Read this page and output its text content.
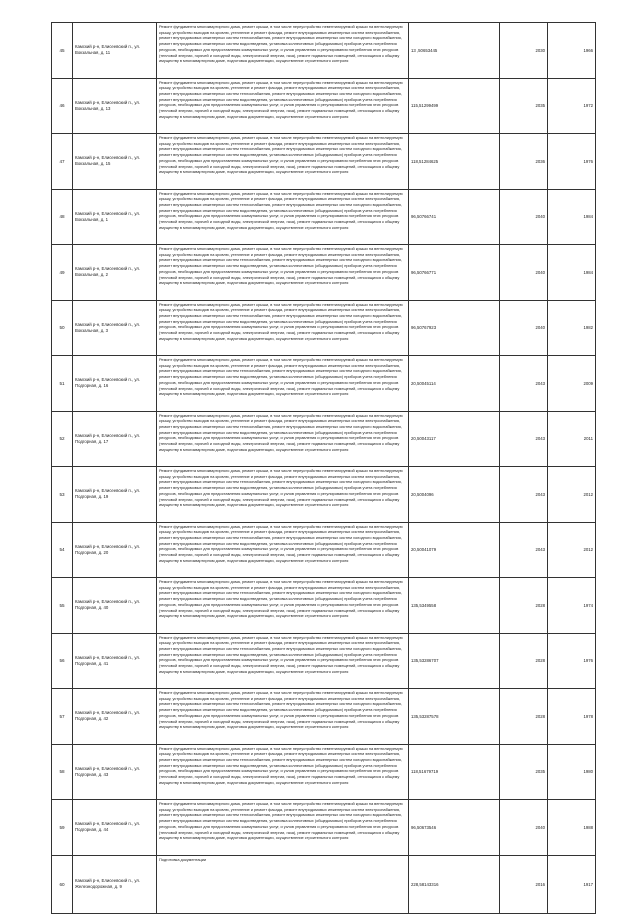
45	Камский р-н, Елисеевский п., ул. Вокзальная, д. 11	Ремонт фундамента многоквартирного дома, ремонт крыши, в том числе переустройство невентилируемой крыши на вентилируемую крышу, устройство выходов на кровлю, утепление и ремонт фасада, ремонт внутридомовых инженерных систем электроснабжения, ремонт внутридомовых инженерных систем теплоснабжения, ремонт внутридомовых инженерных систем холодного водоснабжения, ремонт внутридомовых инженерных систем водоотведения, установка коллективных (общедомовых) приборов учета потребления ресурсов, необходимых для предоставления коммунальных услуг, и узлов управления и регулирования потребления этих ресурсов (тепловой энергии, горячей и холодной воды, электрической энергии, газа), ремонт подвальных помещений, относящихся к общему имуществу в многоквартирном доме, подготовка документации, осуществление строительного контроля	13 ,50653445	2030	1966
46	Камский р-н, Елисеевский п., ул. Вокзальная, д. 13	Ремонт фундамента многоквартирного дома, ремонт крыши, в том числе переустройство невентилируемой крыши на вентилируемую крышу, устройство выходов на кровлю, утепление и ремонт фасада, ремонт внутридомовых инженерных систем электроснабжения, ремонт внутридомовых инженерных систем теплоснабжения, ремонт внутридомовых инженерных систем холодного водоснабжения, ремонт внутридомовых инженерных систем водоотведения, установка коллективных (общедомовых) приборов учета потребления ресурсов, необходимых для предоставления коммунальных услуг, и узлов управления и регулирования потребления этих ресурсов (тепловой энергии, горячей и холодной воды, электрической энергии, газа), ремонт подвальных помещений, относящихся к общему имуществу в многоквартирном доме, подготовка документации, осуществление строительного контроля	115,51299499	2035	1972
47	Камский р-н, Елисеевский п., ул. Вокзальная, д. 15	Ремонт фундамента многоквартирного дома, ремонт крыши, в том числе переустройство невентилируемой крыши на вентилируемую крышу, устройство выходов на кровлю, утепление и ремонт фасада, ремонт внутридомовых инженерных систем электроснабжения, ремонт внутридомовых инженерных систем теплоснабжения, ремонт внутридомовых инженерных систем холодного водоснабжения, ремонт внутридомовых инженерных систем водоотведения, установка коллективных (общедомовых) приборов учета потребления ресурсов, необходимых для предоставления коммунальных услуг, и узлов управления и регулирования потребления этих ресурсов (тепловой энергии, горячей и холодной воды, электрической энергии, газа), ремонт подвальных помещений, относящихся к общему имуществу в многоквартирном доме, подготовка документации, осуществление строительного контроля	118,51284625	2036	1976
48	Камский р-н, Елисеевский п., ул. Вокзальная, д. 1	Ремонт фундамента многоквартирного дома, ремонт крыши, в том числе переустройство невентилируемой крыши на вентилируемую крышу, устройство выходов на кровлю, утепление и ремонт фасада, ремонт внутридомовых инженерных систем электроснабжения, ремонт внутридомовых инженерных систем теплоснабжения, ремонт внутридомовых инженерных систем холодного водоснабжения, ремонт внутридомовых инженерных систем водоотведения, установка коллективных (общедомовых) приборов учета потребления ресурсов, необходимых для предоставления коммунальных услуг, и узлов управления и регулирования потребления этих ресурсов (тепловой энергии, горячей и холодной воды, электрической энергии, газа), ремонт подвальных помещений, относящихся к общему имуществу в многоквартирном доме, подготовка документации, осуществление строительного контроля	96,50766741	2040	1984
49	Камский р-н, Елисеевский п., ул. Вокзальная, д. 2	Ремонт фундамента многоквартирного дома, ремонт крыши, в том числе переустройство невентилируемой крыши на вентилируемую крышу, устройство выходов на кровлю, утепление и ремонт фасада, ремонт внутридомовых инженерных систем электроснабжения, ремонт внутридомовых инженерных систем теплоснабжения, ремонт внутридомовых инженерных систем холодного водоснабжения, ремонт внутридомовых инженерных систем водоотведения, установка коллективных (общедомовых) приборов учета потребления ресурсов, необходимых для предоставления коммунальных услуг, и узлов управления и регулирования потребления этих ресурсов (тепловой энергии, горячей и холодной воды, электрической энергии, газа), ремонт подвальных помещений, относящихся к общему имуществу в многоквартирном доме, подготовка документации, осуществление строительного контроля	96,50766771	2040	1984
50	Камский р-н, Елисеевский п., ул. Вокзальная, д. 3	Ремонт фундамента многоквартирного дома, ремонт крыши, в том числе переустройство невентилируемой крыши на вентилируемую крышу, устройство выходов на кровлю, утепление и ремонт фасада, ремонт внутридомовых инженерных систем электроснабжения, ремонт внутридомовых инженерных систем теплоснабжения, ремонт внутридомовых инженерных систем холодного водоснабжения, ремонт внутридомовых инженерных систем водоотведения, установка коллективных (общедомовых) приборов учета потребления ресурсов, необходимых для предоставления коммунальных услуг, и узлов управления и регулирования потребления этих ресурсов (тепловой энергии, горячей и холодной воды, электрической энергии, газа), ремонт подвальных помещений, относящихся к общему имуществу в многоквартирном доме, подготовка документации, осуществление строительного контроля	96,50767923	2040	1982
51	Камский р-н, Елисеевский п., ул. Подгорная, д. 16	Ремонт фундамента многоквартирного дома, ремонт крыши, в том числе переустройство невентилируемой крыши на вентилируемую крышу, устройство выходов на кровлю, утепление и ремонт фасада, ремонт внутридомовых инженерных систем электроснабжения, ремонт внутридомовых инженерных систем теплоснабжения, ремонт внутридомовых инженерных систем холодного водоснабжения, ремонт внутридомовых инженерных систем водоотведения, установка коллективных (общедомовых) приборов учета потребления ресурсов, необходимых для предоставления коммунальных услуг, и узлов управления и регулирования потребления этих ресурсов (тепловой энергии, горячей и холодной воды, электрической энергии, газа), ремонт подвальных помещений, относящихся к общему имуществу в многоквартирном доме, подготовка документации, осуществление строительного контроля	20,50045114	2043	2009
52	Камский р-н, Елисеевский п., ул. Подгорная, д. 17	Ремонт фундамента многоквартирного дома, ремонт крыши, в том числе переустройство невентилируемой крыши на вентилируемую крышу, устройство выходов на кровлю, утепление и ремонт фасада, ремонт внутридомовых инженерных систем электроснабжения, ремонт внутридомовых инженерных систем теплоснабжения, ремонт внутридомовых инженерных систем холодного водоснабжения, ремонт внутридомовых инженерных систем водоотведения, установка коллективных (общедомовых) приборов учета потребления ресурсов, необходимых для предоставления коммунальных услуг, и узлов управления и регулирования потребления этих ресурсов (тепловой энергии, горячей и холодной воды, электрической энергии, газа), ремонт подвальных помещений, относящихся к общему имуществу в многоквартирном доме, подготовка документации, осуществление строительного контроля	20,50043117	2043	2011
53	Камский р-н, Елисеевский п., ул. Подгорная, д. 19	Ремонт фундамента многоквартирного дома, ремонт крыши, в том числе переустройство невентилируемой крыши на вентилируемую крышу, устройство выходов на кровлю, утепление и ремонт фасада, ремонт внутридомовых инженерных систем электроснабжения, ремонт внутридомовых инженерных систем теплоснабжения, ремонт внутридомовых инженерных систем холодного водоснабжения, ремонт внутридомовых инженерных систем водоотведения, установка коллективных (общедомовых) приборов учета потребления ресурсов, необходимых для предоставления коммунальных услуг, и узлов управления и регулирования потребления этих ресурсов (тепловой энергии, горячей и холодной воды, электрической энергии, газа), ремонт подвальных помещений, относящихся к общему имуществу в многоквартирном доме, подготовка документации, осуществление строительного контроля	20,5004096	2043	2012
54	Камский р-н, Елисеевский п., ул. Подгорная, д. 20	Ремонт фундамента многоквартирного дома, ремонт крыши, в том числе переустройство невентилируемой крыши на вентилируемую крышу, устройство выходов на кровлю, утепление и ремонт фасада, ремонт внутридомовых инженерных систем электроснабжения, ремонт внутридомовых инженерных систем теплоснабжения, ремонт внутридомовых инженерных систем холодного водоснабжения, ремонт внутридомовых инженерных систем водоотведения, установка коллективных (общедомовых) приборов учета потребления ресурсов, необходимых для предоставления коммунальных услуг, и узлов управления и регулирования потребления этих ресурсов (тепловой энергии, горячей и холодной воды, электрической энергии, газа), ремонт подвальных помещений, относящихся к общему имуществу в многоквартирном доме, подготовка документации, осуществление строительного контроля	20,50041079	2043	2012
55	Камский р-н, Елисеевский п., ул. Подгорная, д. 40	Ремонт фундамента многоквартирного дома, ремонт крыши, в том числе переустройство невентилируемой крыши на вентилируемую крышу, устройство выходов на кровлю, утепление и ремонт фасада, ремонт внутридомовых инженерных систем электроснабжения, ремонт внутридомовых инженерных систем теплоснабжения, ремонт внутридомовых инженерных систем холодного водоснабжения, ремонт внутридомовых инженерных систем водоотведения, установка коллективных (общедомовых) приборов учета потребления ресурсов, необходимых для предоставления коммунальных услуг, и узлов управления и регулирования потребления этих ресурсов (тепловой энергии, горячей и холодной воды, электрической энергии, газа), ремонт подвальных помещений, относящихся к общему имуществу в многоквартирном доме, подготовка документации, осуществление строительного контроля	135,5349558	2028	1974
56	Камский р-н, Елисеевский п., ул. Подгорная, д. 41	Ремонт фундамента многоквартирного дома, ремонт крыши, в том числе переустройство невентилируемой крыши на вентилируемую крышу, устройство выходов на кровлю, утепление и ремонт фасада, ремонт внутридомовых инженерных систем электроснабжения, ремонт внутридомовых инженерных систем теплоснабжения, ремонт внутридомовых инженерных систем холодного водоснабжения, ремонт внутридомовых инженерных систем водоотведения, установка коллективных (общедомовых) приборов учета потребления ресурсов, необходимых для предоставления коммунальных услуг, и узлов управления и регулирования потребления этих ресурсов (тепловой энергии, горячей и холодной воды, электрической энергии, газа), ремонт подвальных помещений, относящихся к общему имуществу в многоквартирном доме, подготовка документации, осуществление строительного контроля	135,53286707	2028	1976
57	Камский р-н, Елисеевский п., ул. Подгорная, д. 42	Ремонт фундамента многоквартирного дома, ремонт крыши, в том числе переустройство невентилируемой крыши на вентилируемую крышу, устройство выходов на кровлю, утепление и ремонт фасада, ремонт внутридомовых инженерных систем электроснабжения, ремонт внутридомовых инженерных систем теплоснабжения, ремонт внутридомовых инженерных систем холодного водоснабжения, ремонт внутридомовых инженерных систем водоотведения, установка коллективных (общедомовых) приборов учета потребления ресурсов, необходимых для предоставления коммунальных услуг, и узлов управления и регулирования потребления этих ресурсов (тепловой энергии, горячей и холодной воды, электрической энергии, газа), ремонт подвальных помещений, относящихся к общему имуществу в многоквартирном доме, подготовка документации, осуществление строительного контроля	135,53287578	2028	1978
58	Камский р-н, Елисеевский п., ул. Подгорная, д. 43	Ремонт фундамента многоквартирного дома, ремонт крыши, в том числе переустройство невентилируемой крыши на вентилируемую крышу, устройство выходов на кровлю, утепление и ремонт фасада, ремонт внутридомовых инженерных систем электроснабжения, ремонт внутридомовых инженерных систем теплоснабжения, ремонт внутридомовых инженерных систем холодного водоснабжения, ремонт внутридомовых инженерных систем водоотведения, установка коллективных (общедомовых) приборов учета потребления ресурсов, необходимых для предоставления коммунальных услуг, и узлов управления и регулирования потребления этих ресурсов (тепловой энергии, горячей и холодной воды, электрической энергии, газа), ремонт подвальных помещений, относящихся к общему имуществу в многоквартирном доме, подготовка документации, осуществление строительного контроля	118,51679719	2035	1980
59	Камский р-н, Елисеевский п., ул. Подгорная, д. 44	Ремонт фундамента многоквартирного дома, ремонт крыши, в том числе переустройство невентилируемой крыши на вентилируемую крышу, устройство выходов на кровлю, утепление и ремонт фасада, ремонт внутридомовых инженерных систем электроснабжения, ремонт внутридомовых инженерных систем теплоснабжения, ремонт внутридомовых инженерных систем холодного водоснабжения, ремонт внутридомовых инженерных систем водоотведения, установка коллективных (общедомовых) приборов учета потребления ресурсов, необходимых для предоставления коммунальных услуг, и узлов управления и регулирования потребления этих ресурсов (тепловой энергии, горячей и холодной воды, электрической энергии, газа), ремонт подвальных помещений, относящихся к общему имуществу в многоквартирном доме, подготовка документации, осуществление строительного контроля	96,50673546	2040	1988
60	Камский р-н, Елисеевский п., ул. Железнодорожная, д. 9	Подготовка документации	228,58143316	2016	1917
